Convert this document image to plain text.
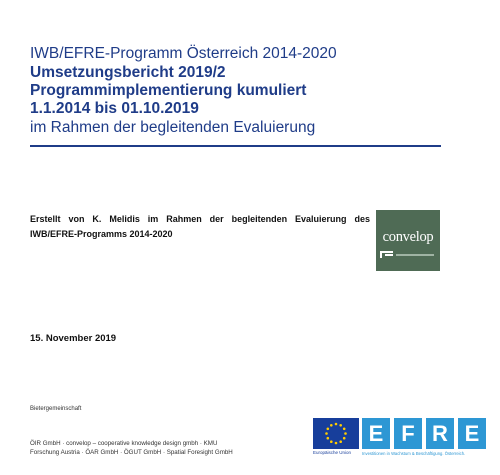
IWB/EFRE-Programm Österreich 2014-2020
Umsetzungsbericht 2019/2
Programmimplementierung kumuliert
1.1.2014 bis 01.10.2019
im Rahmen der begleitenden Evaluierung
Erstellt von K. Melidis im Rahmen der begleitenden Evaluierung des
IWB/EFRE-Programms 2014-2020	convelop
15. November 2019
Bietergemeinschaft
ÖIR GmbH · convelop – cooperative knowledge design gmbh · KMU
Forschung Austria · ÖAR GmbH · ÖGUT GmbH · Spatial Foresight GmbH	Europäische Union
E F R E
Investitionen in Wachstum & Beschäftigung. Österreich.
